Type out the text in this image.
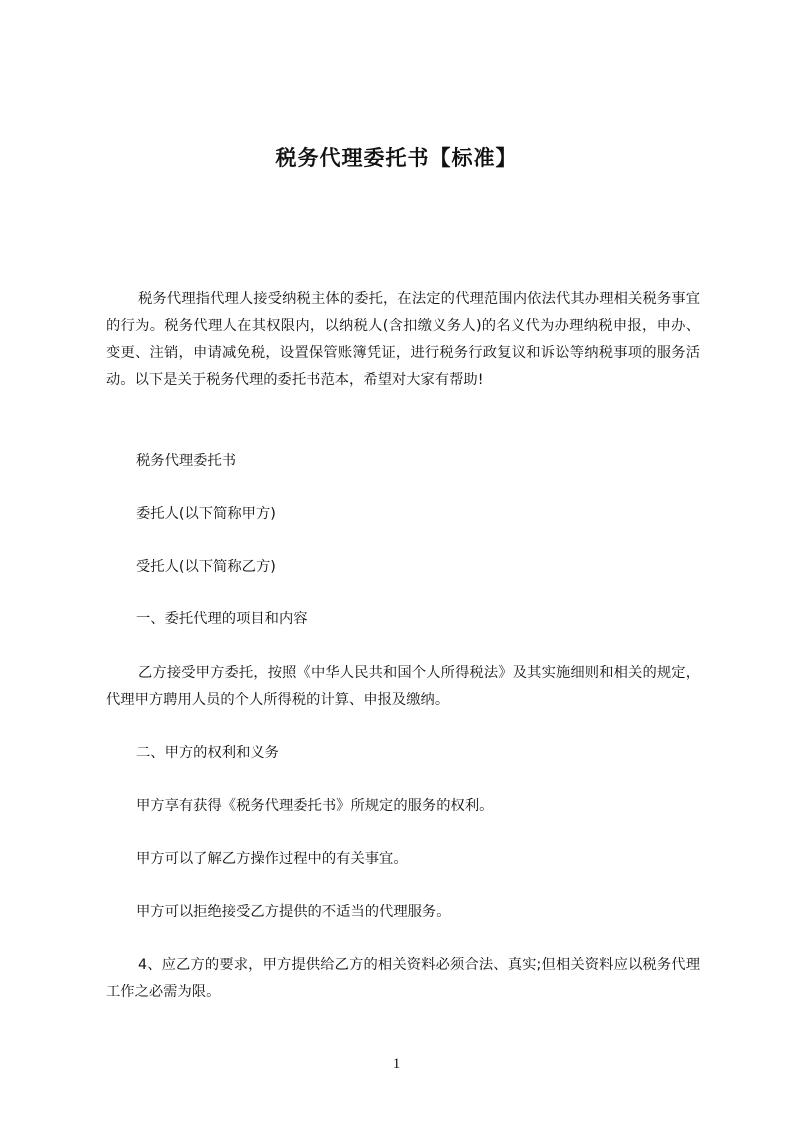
税务代理委托书【标准】

税务代理指代理人接受纳税主体的委托，在法定的代理范围内依法代其办理相关税务事宜的行为。税务代理人在其权限内，以纳税人(含扣缴义务人)的名义代为办理纳税申报，申办、变更、注销，申请减免税，设置保管账簿凭证，进行税务行政复议和诉讼等纳税事项的服务活动。以下是关于税务代理的委托书范本，希望对大家有帮助!

税务代理委托书
委托人(以下简称甲方)
受托人(以下简称乙方)
一、委托代理的项目和内容

乙方接受甲方委托，按照《中华人民共和国个人所得税法》及其实施细则和相关的规定，代理甲方聘用人员的个人所得税的计算、申报及缴纳。

二、甲方的权利和义务
甲方享有获得《税务代理委托书》所规定的服务的权利。
甲方可以了解乙方操作过程中的有关事宜。
甲方可以拒绝接受乙方提供的不适当的代理服务。

4、应乙方的要求，甲方提供给乙方的相关资料必须合法、真实;但相关资料应以税务代理工作之必需为限。

1
